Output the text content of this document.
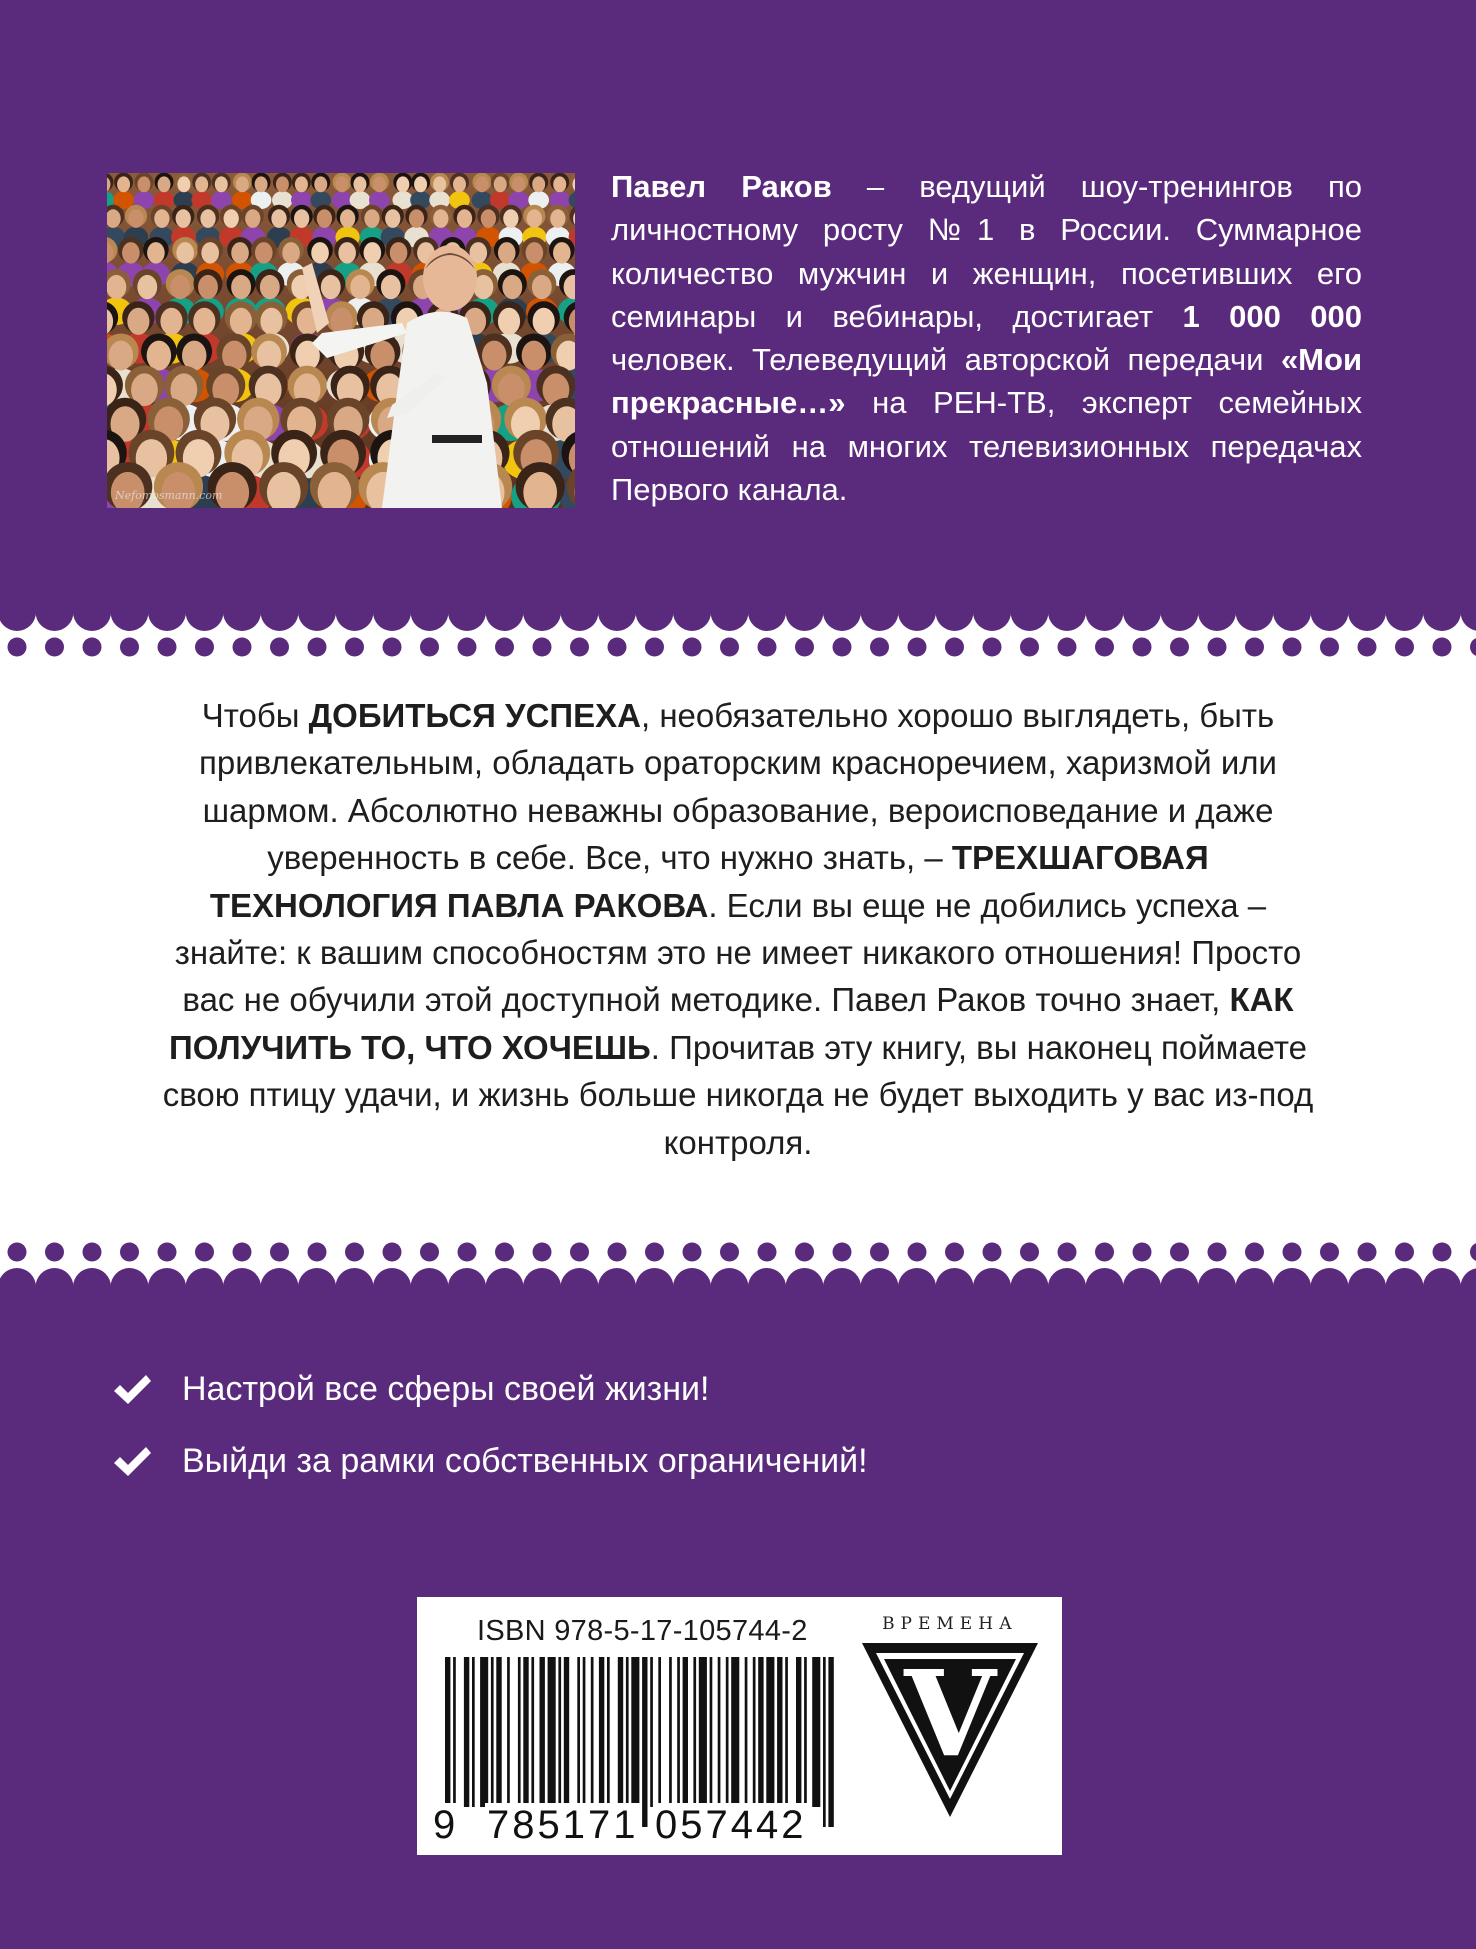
Nеfотоsmann.com
Павел Раков – ведущий шоу-тренингов по личностному росту №1 в России. Суммарное количество мужчин и женщин, посетивших его семинары и вебинары, достигает 1 000 000 человек. Телеведущий авторской передачи «Мои прекрасные…» на РЕН-ТВ, эксперт семейных отношений на многих телевизионных передачах Первого канала.
Чтобы ДОБИТЬСЯ УСПЕХА, необязательно хорошо выглядеть, быть привлекательным, обладать ораторским красноречием, харизмой или шармом. Абсолютно неважны образование, вероисповедание и даже уверенность в себе. Все, что нужно знать, – ТРЕХШАГОВАЯ ТЕХНОЛОГИЯ ПАВЛА РАКОВА. Если вы еще не добились успеха – знайте: к вашим способностям это не имеет никакого отношения! Просто вас не обучили этой доступной методике. Павел Раков точно знает, КАК ПОЛУЧИТЬ ТО, ЧТО ХОЧЕШЬ. Прочитав эту книгу, вы наконец поймаете свою птицу удачи, и жизнь больше никогда не будет выходить у вас из-под контроля.
Настрой все сферы своей жизни!
Выйди за рамки собственных ограничений!
ISBN 978-5-17-105744-2
9 785171 057442
ВРЕМЕНА
V
